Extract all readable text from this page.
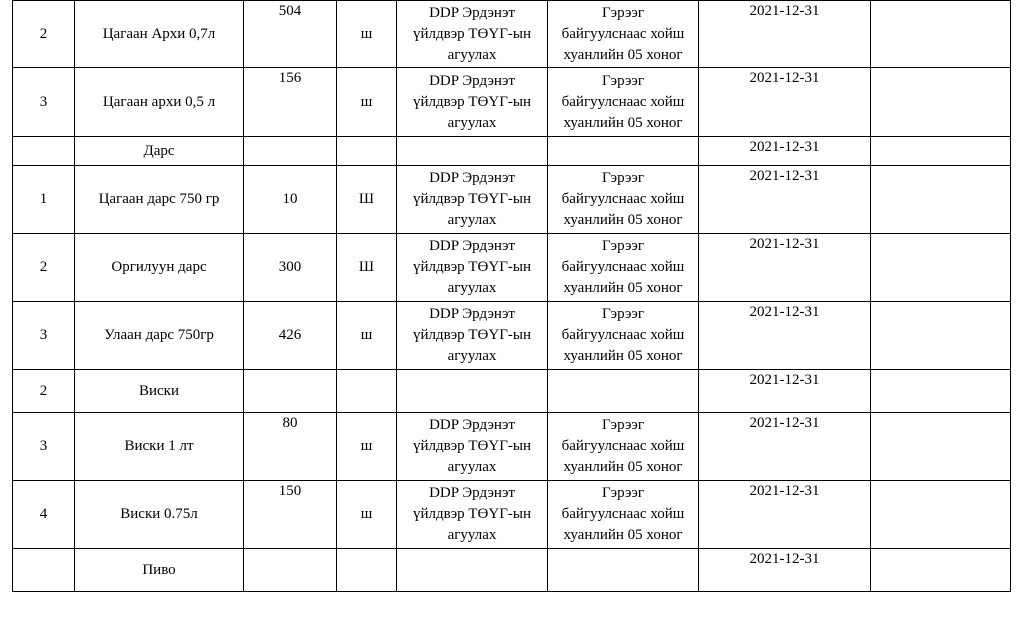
2	Цагаан Архи 0,7л	504	ш	DDP Эрдэнэт
үйлдвэр ТӨҮГ-ын
агуулах	Гэрээг
байгуулснаас хойш
хуанлийн 05 хоног	2021-12-31	
3	Цагаан архи 0,5 л	156	ш	DDP Эрдэнэт
үйлдвэр ТӨҮГ-ын
агуулах	Гэрээг
байгуулснаас хойш
хуанлийн 05 хоног	2021-12-31	
	Дарс					2021-12-31	
1	Цагаан дарс 750 гр	10	Ш	DDP Эрдэнэт
үйлдвэр ТӨҮГ-ын
агуулах	Гэрээг
байгуулснаас хойш
хуанлийн 05 хоног	2021-12-31	
2	Оргилуун дарс	300	Ш	DDP Эрдэнэт
үйлдвэр ТӨҮГ-ын
агуулах	Гэрээг
байгуулснаас хойш
хуанлийн 05 хоног	2021-12-31	
3	Улаан дарс 750гр	426	ш	DDP Эрдэнэт
үйлдвэр ТӨҮГ-ын
агуулах	Гэрээг
байгуулснаас хойш
хуанлийн 05 хоног	2021-12-31	
2	Виски					2021-12-31	
3	Виски 1 лт	80	ш	DDP Эрдэнэт
үйлдвэр ТӨҮГ-ын
агуулах	Гэрээг
байгуулснаас хойш
хуанлийн 05 хоног	2021-12-31	
4	Виски 0.75л	150	ш	DDP Эрдэнэт
үйлдвэр ТӨҮГ-ын
агуулах	Гэрээг
байгуулснаас хойш
хуанлийн 05 хоног	2021-12-31	
	Пиво					2021-12-31	
